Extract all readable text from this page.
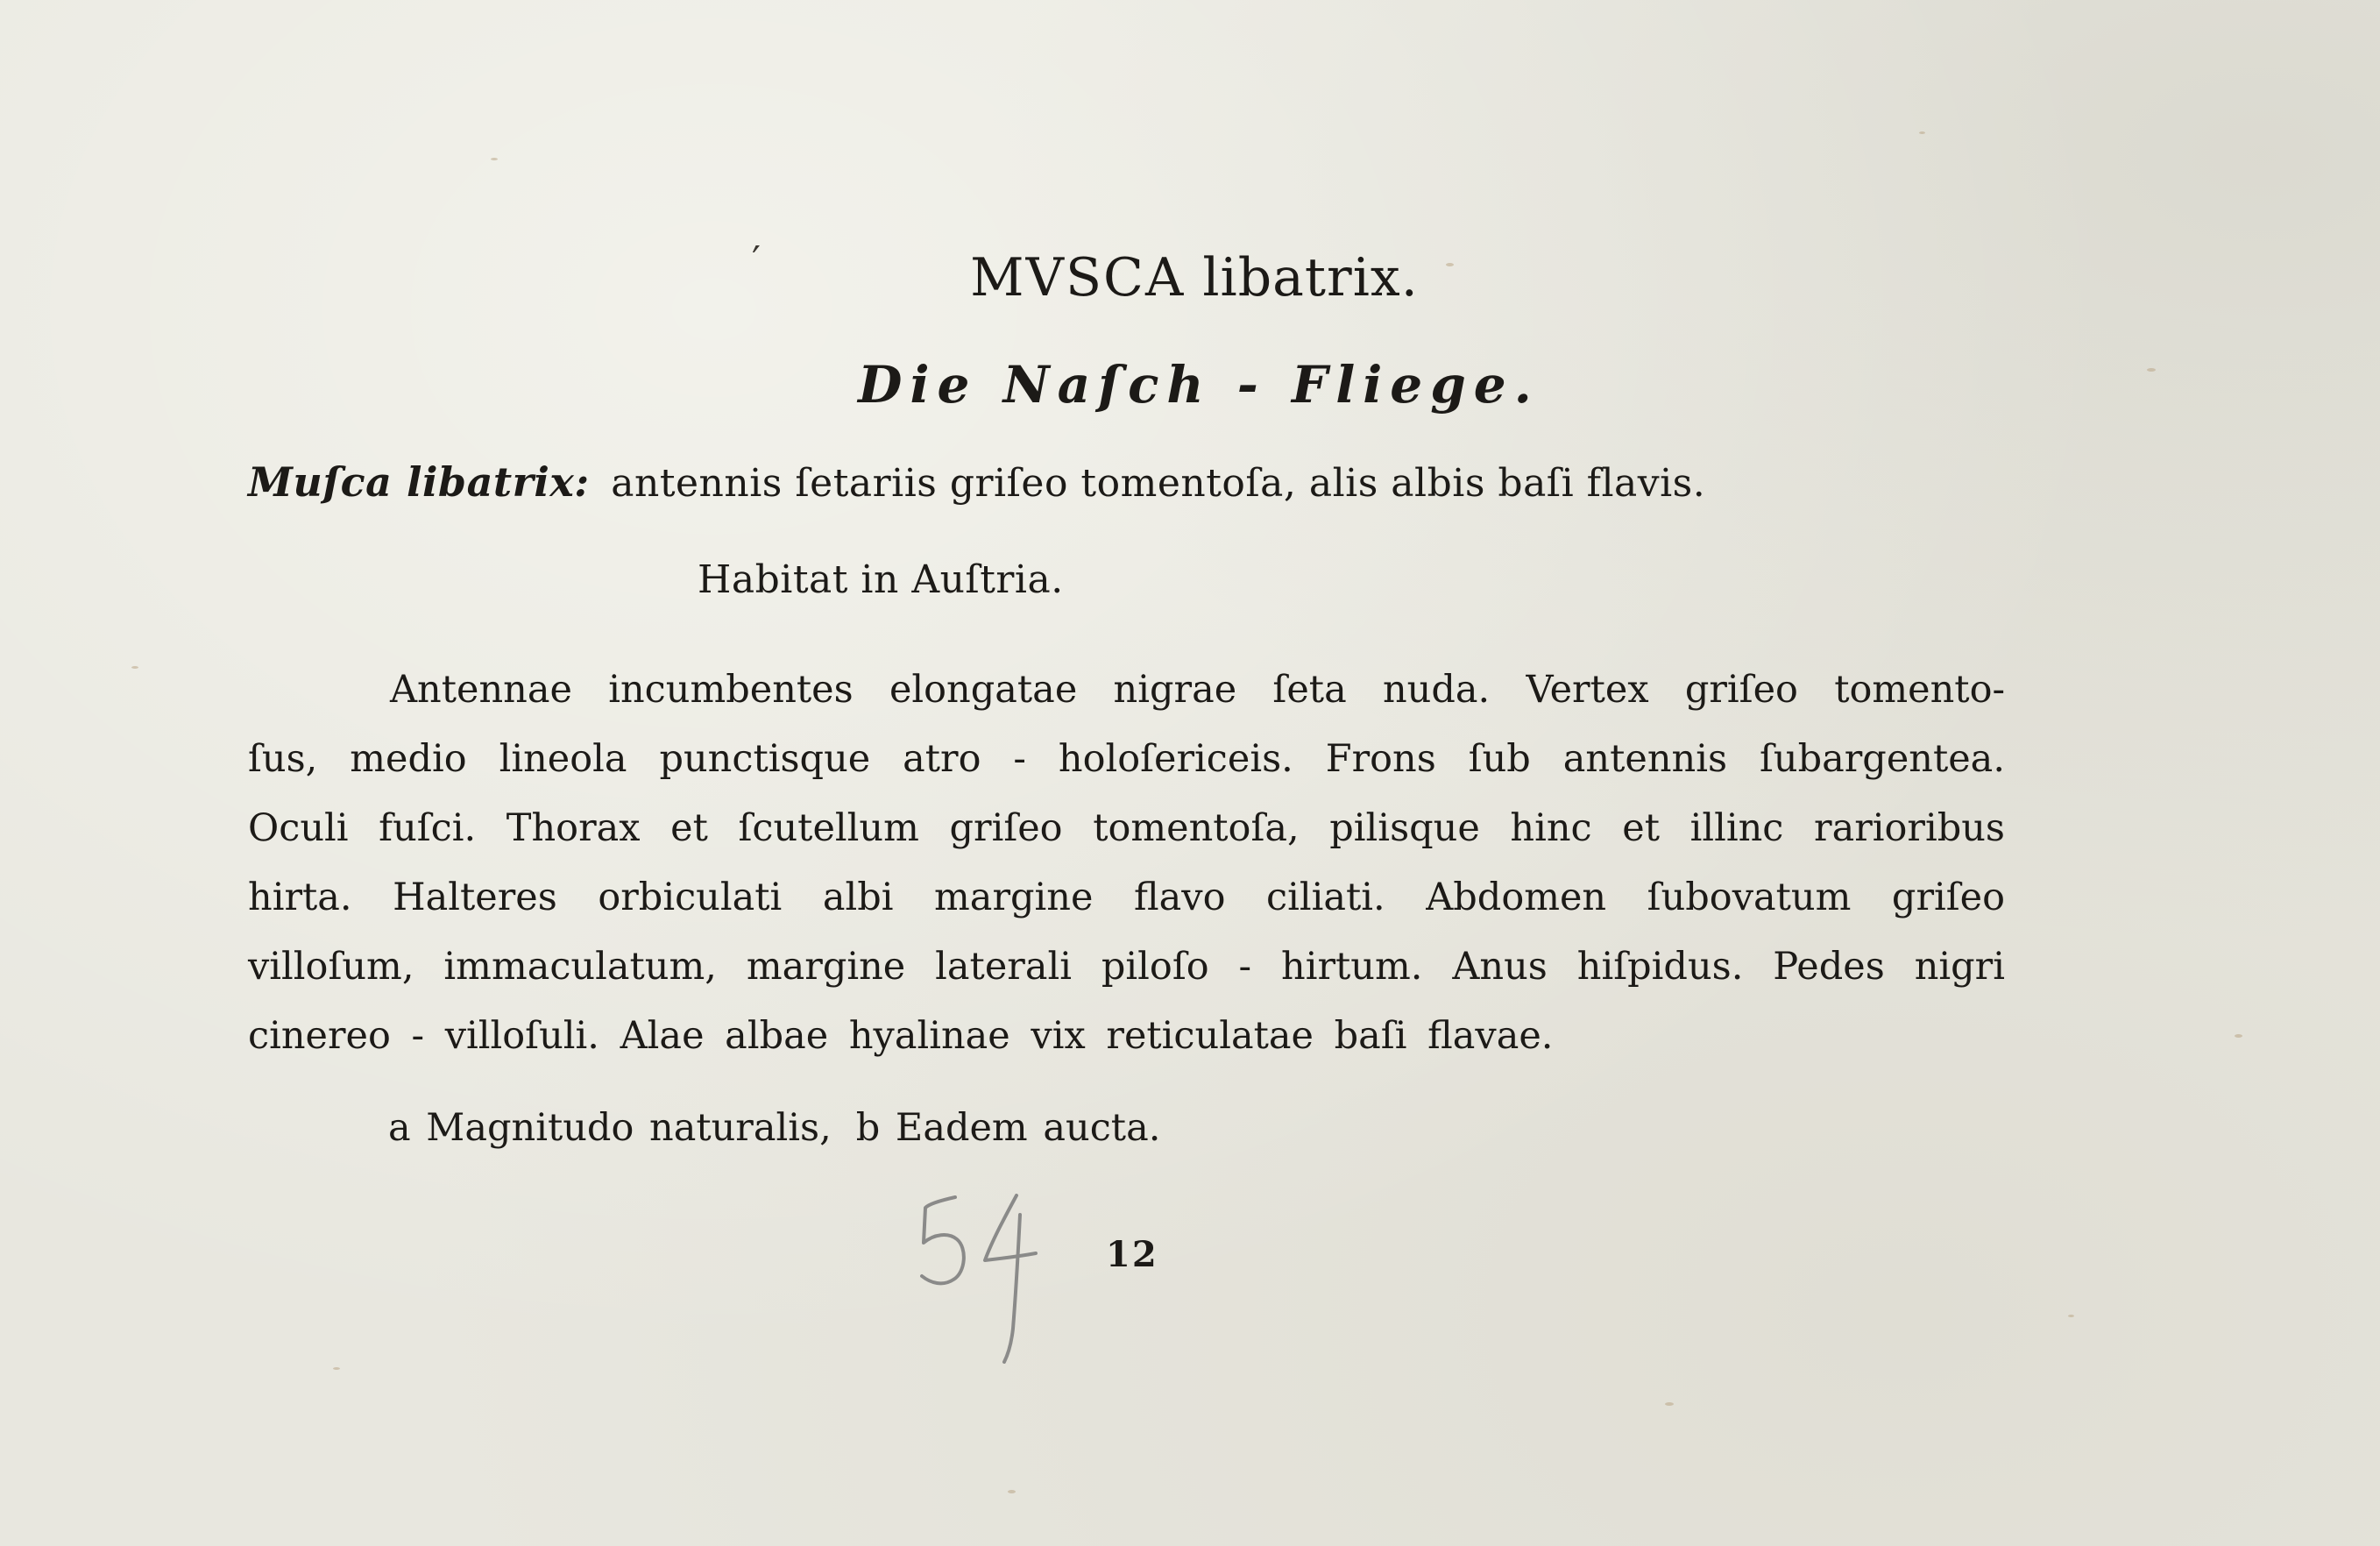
′	MVSCA libatrix.
Die Naſch - Fliege.
Muſca libatrix: antennis ſetariis griſeo tomentoſa, alis albis baſi flavis.
Habitat in Auſtria.
Antennae incumbentes elongatae nigrae ſeta nuda. Vertex griſeo tomento-
ſus, medio lineola punctisque atro - holoſericeis. Frons ſub antennis ſubargentea.
Oculi fuſci. Thorax et ſcutellum griſeo tomentoſa, pilisque hinc et illinc rarioribus
hirta. Halteres orbiculati albi margine flavo ciliati. Abdomen ſubovatum griſeo
villoſum, immaculatum, margine laterali piloſo - hirtum. Anus hiſpidus. Pedes nigri
cinereo - villoſuli. Alae albae hyalinae vix reticulatae baſi flavae.
a Magnitudo naturalis, b Eadem aucta.
12
